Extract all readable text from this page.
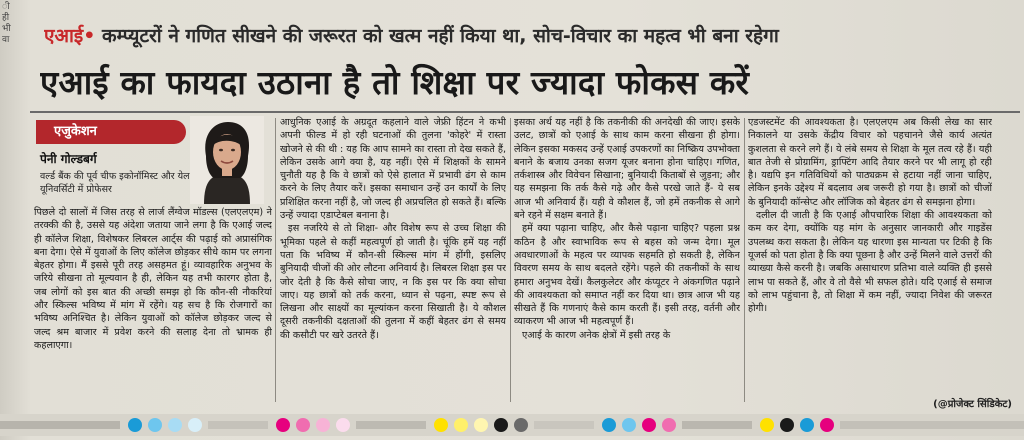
ी
ही
भी
वा एआई• कम्प्यूटरों ने गणित सीखने की जरूरत को खत्म नहीं किया था, सोच-विचार का महत्व भी बना रहेगा
एआई का फायदा उठाना है तो शिक्षा पर ज्यादा फोकस करें
एजुकेशन
पेनी गोल्डबर्ग
वर्ल्ड बैंक की पूर्व चीफ इकोनॉमिस्ट और येल यूनिवर्सिटी में प्रोफेसर

पिछले दो सालों में जिस तरह से लार्ज लैंग्वेज मॉडल्स (एलएलएम) ने तरक्की की है, उससे यह अंदेशा जताया जाने लगा है कि एआई जल्द ही कॉलेज शिक्षा, विशेषकर लिबरल आर्ट्स की पढ़ाई को अप्रासंगिक बना देगा। ऐसे में युवाओं के लिए कॉलेज छोड़कर सीधे काम पर लगना बेहतर होगा। मैं इससे पूरी तरह असहमत हूं। व्यावहारिक अनुभव के जरिये सीखना तो मूल्यवान है ही, लेकिन यह तभी कारगर होता है, जब लोगों को इस बात की अच्छी समझ हो कि कौन-सी नौकरियां और स्किल्स भविष्य में मांग में रहेंगे। यह सच है कि रोजगारों का भविष्य अनिश्चित है। लेकिन युवाओं को कॉलेज छोड़कर जल्द से जल्द श्रम बाजार में प्रवेश करने की सलाह देना तो भ्रामक ही कहलाएगा।

आधुनिक एआई के अग्रदूत कहलाने वाले जेफ्री हिंटन ने कभी अपनी फील्ड में हो रही घटनाओं की तुलना 'कोहरे' में रास्ता खोजने से की थी : यह कि आप सामने का रास्ता तो देख सकते हैं, लेकिन उसके आगे क्या है, यह नहीं। ऐसे में शिक्षकों के सामने चुनौती यह है कि वे छात्रों को ऐसे हालात में प्रभावी ढंग से काम करने के लिए तैयार करें। इसका समाधान उन्हें उन कार्यों के लिए प्रशिक्षित करना नहीं है, जो जल्द ही अप्रचलित हो सकते हैं। बल्कि उन्हें ज्यादा एडाप्टेबल बनाना है।

इस नजरिये से तो शिक्षा- और विशेष रूप से उच्च शिक्षा की भूमिका पहले से कहीं महत्वपूर्ण हो जाती है। चूंकि हमें यह नहीं पता कि भविष्य में कौन-सी स्किल्स मांग में होंगी, इसलिए बुनियादी चीजों की ओर लौटना अनिवार्य है। लिबरल शिक्षा इस पर जोर देती है कि कैसे सोचा जाए, न कि इस पर कि क्या सोचा जाए। यह छात्रों को तर्क करना, ध्यान से पढ़ना, स्पष्ट रूप से लिखना और साक्ष्यों का मूल्यांकन करना सिखाती है। ये कौशल दूसरी तकनीकी दक्षताओं की तुलना में कहीं बेहतर ढंग से समय की कसौटी पर खरे उतरते हैं।

इसका अर्थ यह नहीं है कि तकनीकी की अनदेखी की जाए। इसके उलट, छात्रों को एआई के साथ काम करना सीखना ही होगा। लेकिन इसका मकसद उन्हें एआई उपकरणों का निष्क्रिय उपभोक्ता बनाने के बजाय उनका सजग यूजर बनाना होना चाहिए। गणित, तर्कशास्त्र और विवेचन सिखाना; बुनियादी किताबों से जुड़ना; और यह समझना कि तर्क कैसे गढ़े और कैसे परखे जाते हैं- ये सब आज भी अनिवार्य हैं। यही वे कौशल हैं, जो हमें तकनीक से आगे बने रहने में सक्षम बनाते हैं।

हमें क्या पढ़ाना चाहिए, और कैसे पढ़ाना चाहिए? पहला प्रश्न कठिन है और स्वाभाविक रूप से बहस को जन्म देगा। मूल अवधारणाओं के महत्व पर व्यापक सहमति हो सकती है, लेकिन विवरण समय के साथ बदलते रहेंगे। पहले की तकनीकों के साथ हमारा अनुभव देखें। कैलकुलेटर और कंप्यूटर ने अंकगणित पढ़ाने की आवश्यकता को समाप्त नहीं कर दिया था। छात्र आज भी यह सीखते हैं कि गणनाएं कैसे काम करती हैं। इसी तरह, वर्तनी और व्याकरण भी आज भी महत्वपूर्ण हैं।

एआई के कारण अनेक क्षेत्रों में इसी तरह के

एडजस्टमेंट की आवश्यकता है। एलएलएम अब किसी लेख का सार निकालने या उसके केंद्रीय विचार को पहचानने जैसे कार्य अत्यंत कुशलता से करने लगे हैं। ये लंबे समय से शिक्षा के मूल तत्व रहे हैं। यही बात तेजी से प्रोग्रामिंग, ड्राफ्टिंग आदि तैयार करने पर भी लागू हो रही है। यद्यपि इन गतिविधियों को पाठ्यक्रम से हटाया नहीं जाना चाहिए, लेकिन इनके उद्देश्य में बदलाव अब जरूरी हो गया है। छात्रों को चीजों के बुनियादी कॉन्सेप्ट और लॉजिक को बेहतर ढंग से समझना होगा।

दलील दी जाती है कि एआई औपचारिक शिक्षा की आवश्यकता को कम कर देगा, क्योंकि यह मांग के अनुसार जानकारी और गाइडेंस उपलब्ध करा सकता है। लेकिन यह धारणा इस मान्यता पर टिकी है कि यूजर्स को पता होता है कि क्या पूछना है और उन्हें मिलने वाले उत्तरों की व्याख्या कैसे करनी है। जबकि असाधारण प्रतिभा वाले व्यक्ति ही इससे लाभ पा सकते हैं, और वे तो वैसे भी सफल होते। यदि एआई से समाज को लाभ पहुंचाना है, तो शिक्षा में कम नहीं, ज्यादा निवेश की जरूरत होगी।

(@प्रोजेक्ट सिंडिकेट)
